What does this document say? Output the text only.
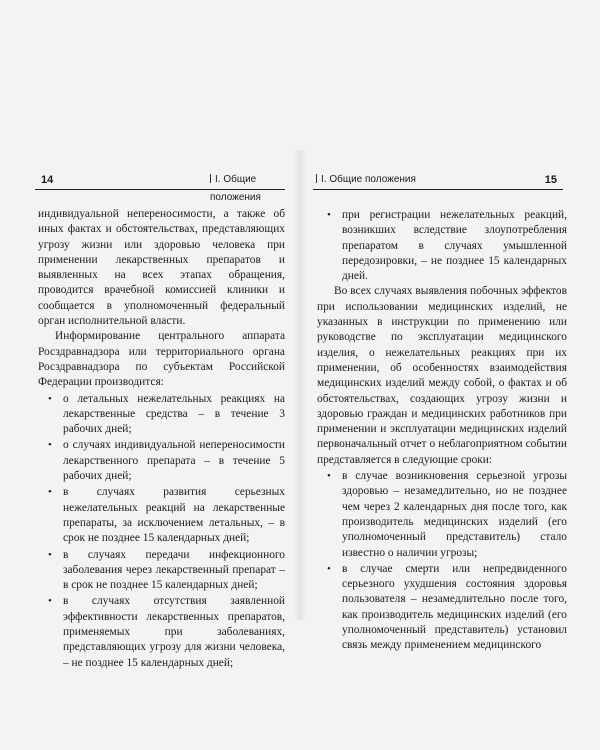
14	I. Общие положения

индивидуальной непереносимости, а также об иных фактах и обстоятельствах, представляющих угрозу жизни или здоровью человека при применении лекарственных препаратов и выявленных на всех этапах обращения, проводится врачебной комиссией клиники и сообщается в уполномоченный федеральный орган исполнительной власти.

Информирование центрального аппарата Росздравнадзора или территориального органа Росздравнадзора по субъектам Российской Федерации производится:

• о летальных нежелательных реакциях на лекарственные средства – в течение 3 рабочих дней;
• о случаях индивидуальной непереносимости лекарственного препарата – в течение 5 рабочих дней;
• в случаях развития серьезных нежелательных реакций на лекарственные препараты, за исключением летальных, – в срок не позднее 15 календарных дней;
• в случаях передачи инфекционного заболевания через лекарственный препарат – в срок не позднее 15 календарных дней;
• в случаях отсутствия заявленной эффективности лекарственных препаратов, применяемых при заболеваниях, представляющих угрозу для жизни человека, – не позднее 15 календарных дней;
I. Общие положения	15
• при регистрации нежелательных реакций, возникших вследствие злоупотребления препаратом в случаях умышленной передозировки, – не позднее 15 календарных дней.

Во всех случаях выявления побочных эффектов при использовании медицинских изделий, не указанных в инструкции по применению или руководстве по эксплуатации медицинского изделия, о нежелательных реакциях при их применении, об особенностях взаимодействия медицинских изделий между собой, о фактах и об обстоятельствах, создающих угрозу жизни и здоровью граждан и медицинских работников при применении и эксплуатации медицинских изделий первоначальный отчет о неблагоприятном событии представляется в следующие сроки:

• в случае возникновения серьезной угрозы здоровью – незамедлительно, но не позднее чем через 2 календарных дня после того, как производитель медицинских изделий (его уполномоченный представитель) стало известно о наличии угрозы;
• в случае смерти или непредвиденного серьезного ухудшения состояния здоровья пользователя – незамедлительно после того, как производитель медицинских изделий (его уполномоченный представитель) установил связь между применением медицинского
